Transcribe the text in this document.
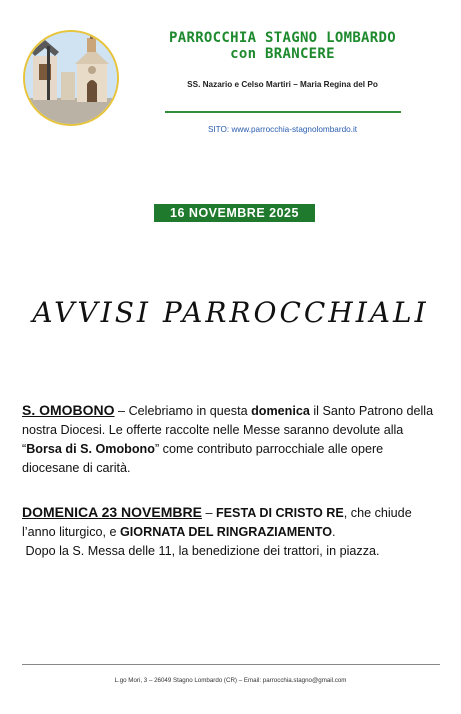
PARROCCHIA STAGNO LOMBARDO
con BRANCERE
SS. Nazario e Celso Martiri – Maria Regina del Po
SITO: www.parrocchia-stagnolombardo.it
16 NOVEMBRE 2025
AVVISI PARROCCHIALI
S. OMOBONO – Celebriamo in questa domenica il Santo Patrono della nostra Diocesi. Le offerte raccolte nelle Messe saranno devolute alla “Borsa di S. Omobono” come contributo parrocchiale alle opere diocesane di carità.
DOMENICA 23 NOVEMBRE – FESTA DI CRISTO RE, che chiude l’anno liturgico, e GIORNATA DEL RINGRAZIAMENTO.
Dopo la S. Messa delle 11, la benedizione dei trattori, in piazza.
L.go Mori, 3 – 26049 Stagno Lombardo (CR) – Email: parrocchia.stagno@gmail.com
